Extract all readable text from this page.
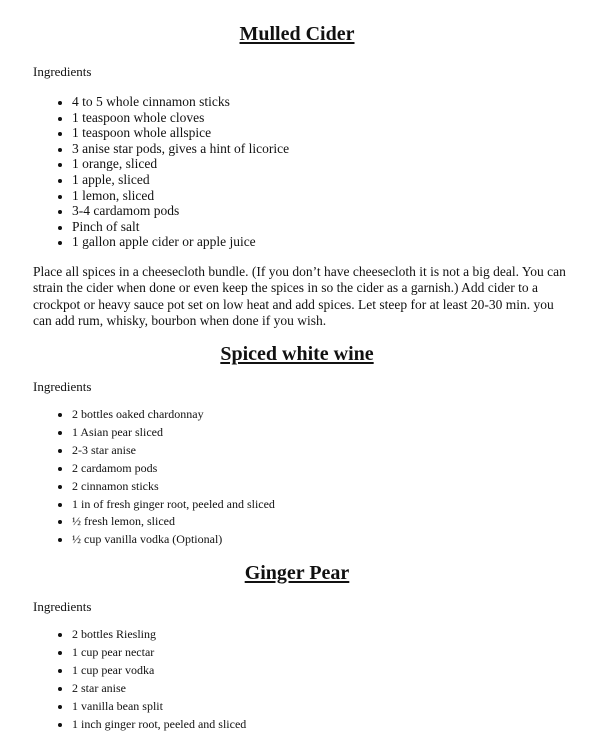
Mulled Cider

Ingredients

• 4 to 5 whole cinnamon sticks
• 1 teaspoon whole cloves
• 1 teaspoon whole allspice
• 3 anise star pods, gives a hint of licorice
• 1 orange, sliced
• 1 apple, sliced
• 1 lemon, sliced
• 3-4 cardamom pods
• Pinch of salt
• 1 gallon apple cider or apple juice

Place all spices in a cheesecloth bundle. (If you don’t have cheesecloth it is not a big deal. You can strain the cider when done or even keep the spices in so the cider as a garnish.) Add cider to a crockpot or heavy sauce pot set on low heat and add spices. Let steep for at least 20-30 min. you can add rum, whisky, bourbon when done if you wish.

Spiced white wine

Ingredients

• 2 bottles oaked chardonnay
• 1 Asian pear sliced
• 2-3 star anise
• 2 cardamom pods
• 2 cinnamon sticks
• 1 in of fresh ginger root, peeled and sliced
• ½ fresh lemon, sliced
• ½ cup vanilla vodka (Optional)
Ginger Pear

Ingredients

• 2 bottles Riesling
• 1 cup pear nectar
• 1 cup pear vodka
• 2 star anise
• 1 vanilla bean split
• 1 inch ginger root, peeled and sliced
